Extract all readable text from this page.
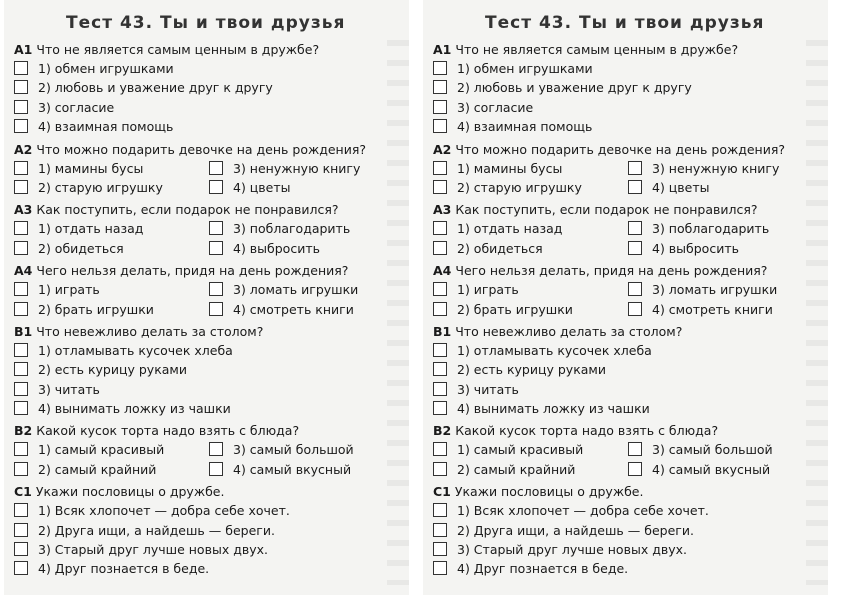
Тест 43. Ты и твои друзья
A1 Что не является самым ценным в дружбе?
1) обмен игрушками
2) любовь и уважение друг к другу
3) согласие
4) взаимная помощь
A2 Что можно подарить девочке на день рождения?
1) мамины бусы	3) ненужную книгу
2) старую игрушку	4) цветы
A3 Как поступить, если подарок не понравился?
1) отдать назад	3) поблагодарить
2) обидеться	4) выбросить
A4 Чего нельзя делать, придя на день рождения?
1) играть	3) ломать игрушки
2) брать игрушки	4) смотреть книги
B1 Что невежливо делать за столом?
1) отламывать кусочек хлеба
2) есть курицу руками
3) читать
4) вынимать ложку из чашки
B2 Какой кусок торта надо взять с блюда?
1) самый красивый	3) самый большой
2) самый крайний	4) самый вкусный
C1 Укажи пословицы о дружбе.
1) Всяк хлопочет — добра себе хочет.
2) Друга ищи, а найдешь — береги.
3) Старый друг лучше новых двух.
4) Друг познается в беде.
Тест 43. Ты и твои друзья
A1 Что не является самым ценным в дружбе?
1) обмен игрушками
2) любовь и уважение друг к другу
3) согласие
4) взаимная помощь
A2 Что можно подарить девочке на день рождения?
1) мамины бусы	3) ненужную книгу
2) старую игрушку	4) цветы
A3 Как поступить, если подарок не понравился?
1) отдать назад	3) поблагодарить
2) обидеться	4) выбросить
A4 Чего нельзя делать, придя на день рождения?
1) играть	3) ломать игрушки
2) брать игрушки	4) смотреть книги
B1 Что невежливо делать за столом?
1) отламывать кусочек хлеба
2) есть курицу руками
3) читать
4) вынимать ложку из чашки
B2 Какой кусок торта надо взять с блюда?
1) самый красивый	3) самый большой
2) самый крайний	4) самый вкусный
C1 Укажи пословицы о дружбе.
1) Всяк хлопочет — добра себе хочет.
2) Друга ищи, а найдешь — береги.
3) Старый друг лучше новых двух.
4) Друг познается в беде.
